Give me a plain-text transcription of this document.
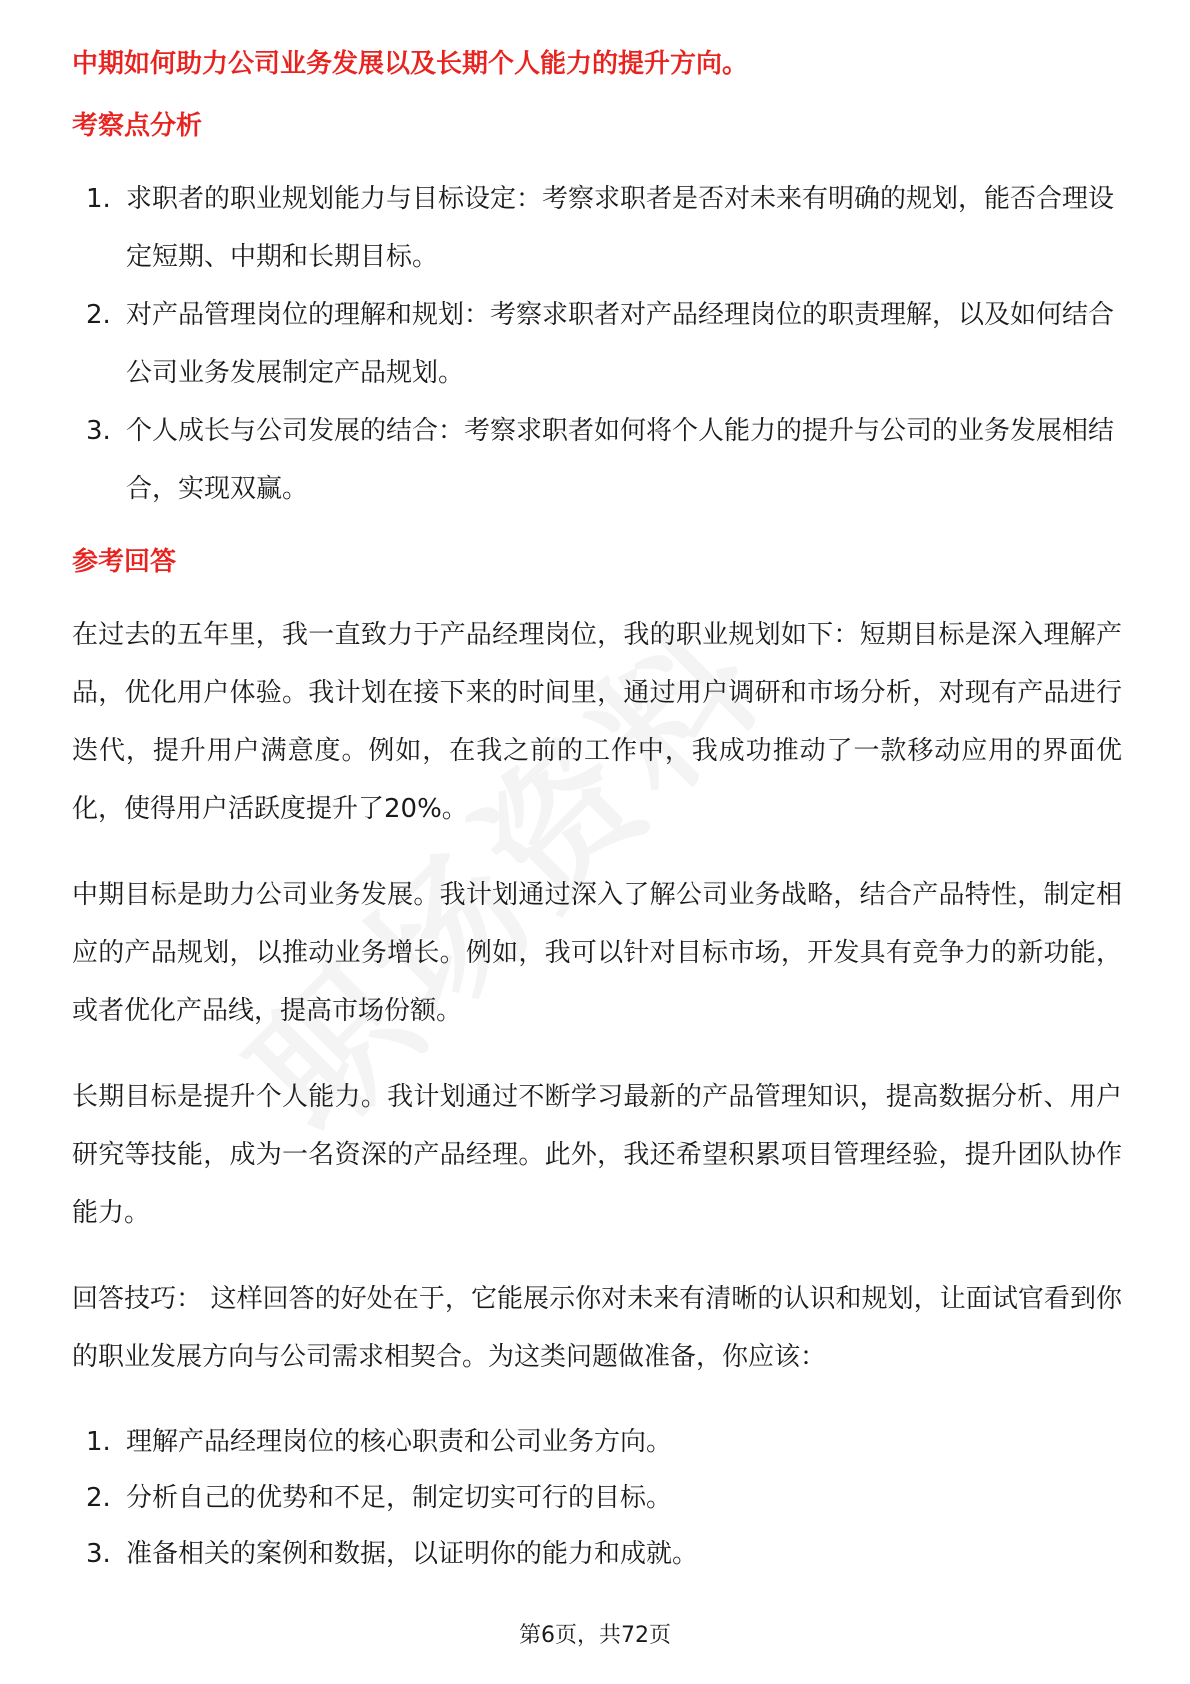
中期如何助力公司业务发展以及长期个人能力的提升方向。

考察点分析

1. 求职者的职业规划能力与目标设定：考察求职者是否对未来有明确的规划，能否合理设定短期、中期和长期目标。
2. 对产品管理岗位的理解和规划：考察求职者对产品经理岗位的职责理解，以及如何结合公司业务发展制定产品规划。
3. 个人成长与公司发展的结合：考察求职者如何将个人能力的提升与公司的业务发展相结合，实现双赢。

参考回答

在过去的五年里，我一直致力于产品经理岗位，我的职业规划如下：短期目标是深入理解产品，优化用户体验。我计划在接下来的时间里，通过用户调研和市场分析，对现有产品进行迭代，提升用户满意度。例如，在我之前的工作中，我成功推动了一款移动应用的界面优化，使得用户活跃度提升了20%。

中期目标是助力公司业务发展。我计划通过深入了解公司业务战略，结合产品特性，制定相应的产品规划，以推动业务增长。例如，我可以针对目标市场，开发具有竞争力的新功能，或者优化产品线，提高市场份额。

长期目标是提升个人能力。我计划通过不断学习最新的产品管理知识，提高数据分析、用户研究等技能，成为一名资深的产品经理。此外，我还希望积累项目管理经验，提升团队协作能力。

回答技巧： 这样回答的好处在于，它能展示你对未来有清晰的认识和规划，让面试官看到你的职业发展方向与公司需求相契合。为这类问题做准备，你应该：

1. 理解产品经理岗位的核心职责和公司业务方向。
2. 分析自己的优势和不足，制定切实可行的目标。
3. 准备相关的案例和数据，以证明你的能力和成就。
第6页，共72页
